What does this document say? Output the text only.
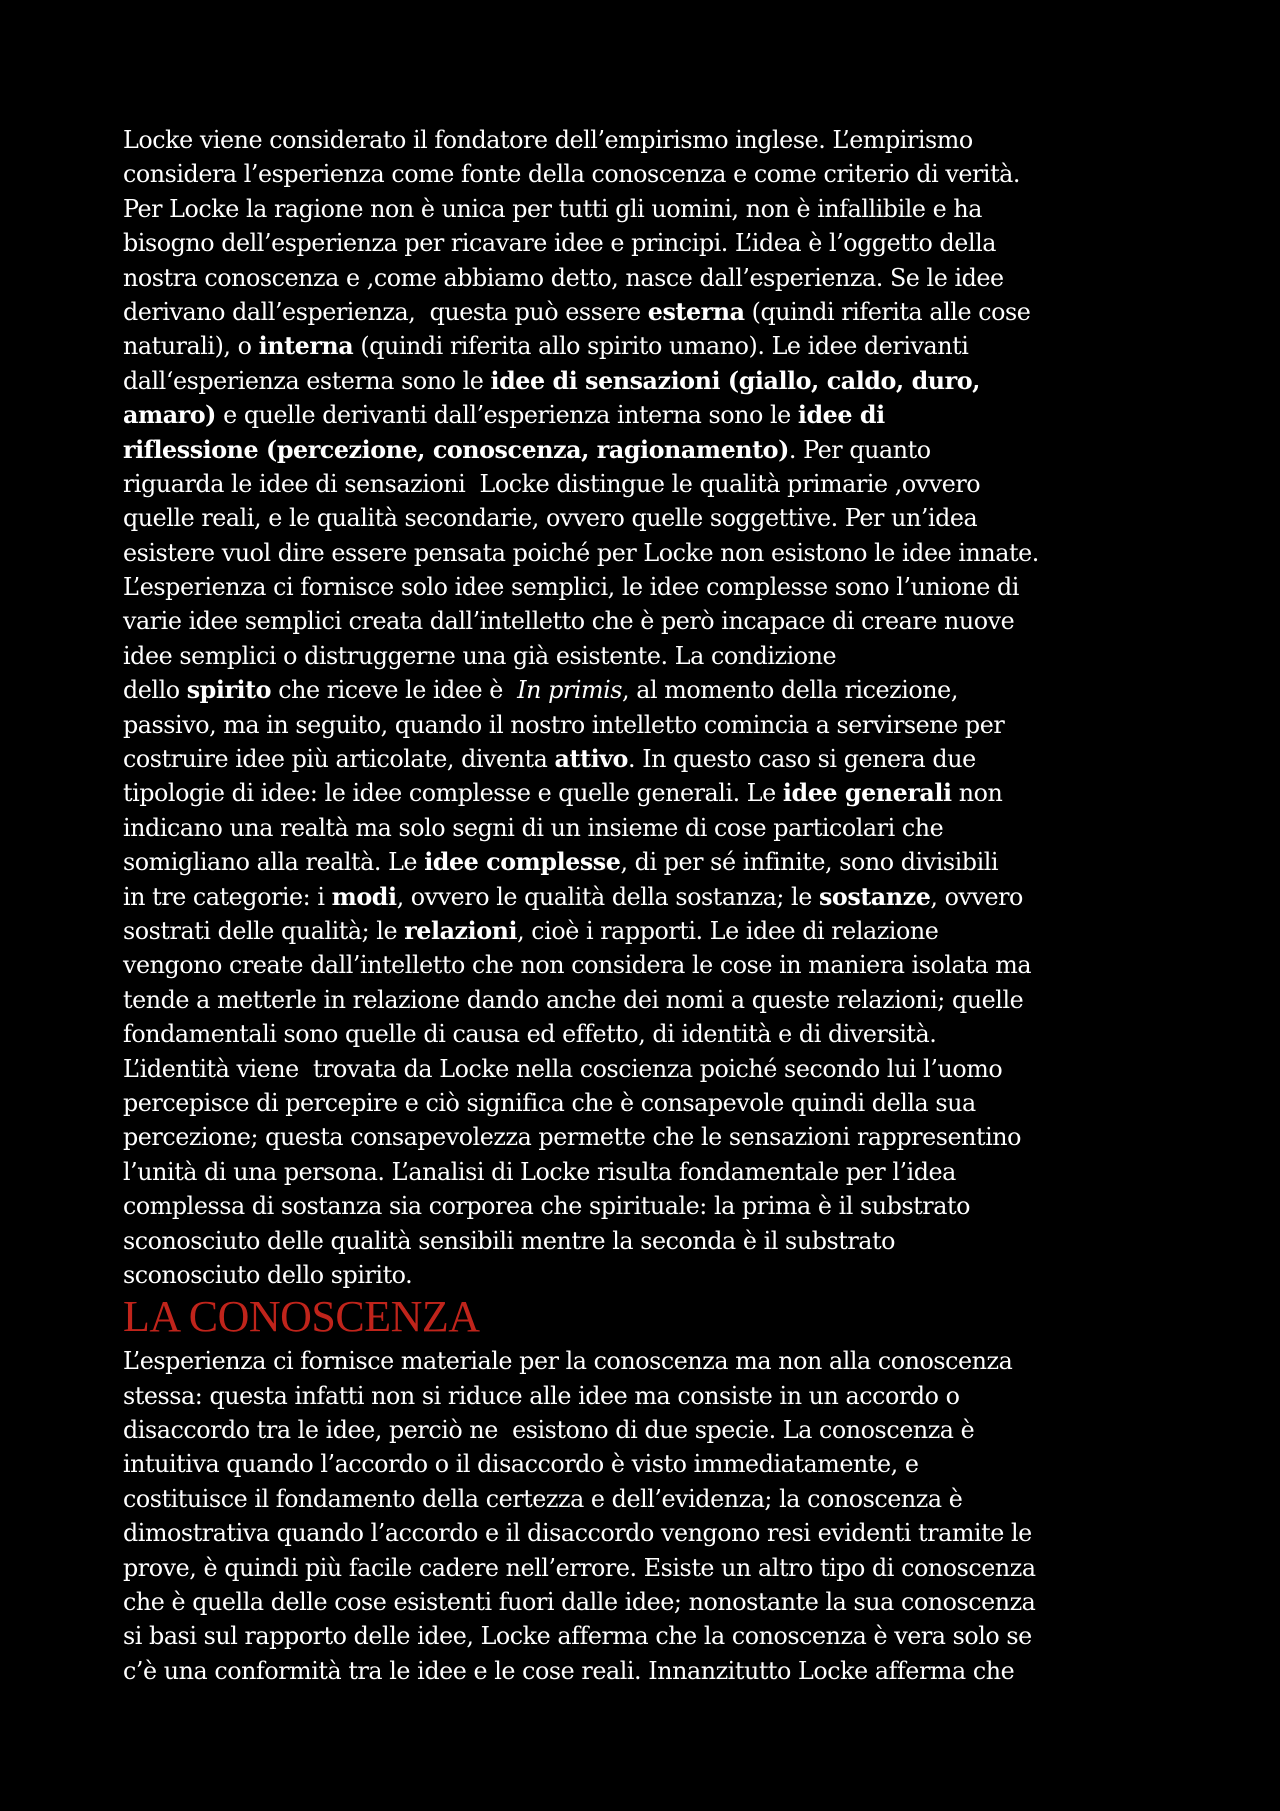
Locke viene considerato il fondatore dell’empirismo inglese. L’empirismo
considera l’esperienza come fonte della conoscenza e come criterio di verità.
Per Locke la ragione non è unica per tutti gli uomini, non è infallibile e ha
bisogno dell’esperienza per ricavare idee e principi. L’idea è l’oggetto della
nostra conoscenza e ,come abbiamo detto, nasce dall’esperienza. Se le idee
derivano dall’esperienza,  questa può essere esterna (quindi riferita alle cose
naturali), o interna (quindi riferita allo spirito umano). Le idee derivanti
dall‘esperienza esterna sono le idee di sensazioni (giallo, caldo, duro,
amaro) e quelle derivanti dall’esperienza interna sono le idee di
riflessione (percezione, conoscenza, ragionamento). Per quanto
riguarda le idee di sensazioni  Locke distingue le qualità primarie ,ovvero
quelle reali, e le qualità secondarie, ovvero quelle soggettive. Per un’idea
esistere vuol dire essere pensata poiché per Locke non esistono le idee innate.
L’esperienza ci fornisce solo idee semplici, le idee complesse sono l’unione di
varie idee semplici creata dall’intelletto che è però incapace di creare nuove
idee semplici o distruggerne una già esistente. La condizione
dello spirito che riceve le idee è  In primis, al momento della ricezione,
passivo, ma in seguito, quando il nostro intelletto comincia a servirsene per
costruire idee più articolate, diventa attivo. In questo caso si genera due
tipologie di idee: le idee complesse e quelle generali. Le idee generali non
indicano una realtà ma solo segni di un insieme di cose particolari che
somigliano alla realtà. Le idee complesse, di per sé infinite, sono divisibili
in tre categorie: i modi, ovvero le qualità della sostanza; le sostanze, ovvero
sostrati delle qualità; le relazioni, cioè i rapporti. Le idee di relazione
vengono create dall’intelletto che non considera le cose in maniera isolata ma
tende a metterle in relazione dando anche dei nomi a queste relazioni; quelle
fondamentali sono quelle di causa ed effetto, di identità e di diversità.
L’identità viene  trovata da Locke nella coscienza poiché secondo lui l’uomo
percepisce di percepire e ciò significa che è consapevole quindi della sua
percezione; questa consapevolezza permette che le sensazioni rappresentino
l’unità di una persona. L’analisi di Locke risulta fondamentale per l’idea
complessa di sostanza sia corporea che spirituale: la prima è il substrato
sconosciuto delle qualità sensibili mentre la seconda è il substrato
sconosciuto dello spirito.
LA CONOSCENZA
L’esperienza ci fornisce materiale per la conoscenza ma non alla conoscenza
stessa: questa infatti non si riduce alle idee ma consiste in un accordo o
disaccordo tra le idee, perciò ne  esistono di due specie. La conoscenza è
intuitiva quando l’accordo o il disaccordo è visto immediatamente, e
costituisce il fondamento della certezza e dell’evidenza; la conoscenza è
dimostrativa quando l’accordo e il disaccordo vengono resi evidenti tramite le
prove, è quindi più facile cadere nell’errore. Esiste un altro tipo di conoscenza
che è quella delle cose esistenti fuori dalle idee; nonostante la sua conoscenza
si basi sul rapporto delle idee, Locke afferma che la conoscenza è vera solo se
c’è una conformità tra le idee e le cose reali. Innanzitutto Locke afferma che
